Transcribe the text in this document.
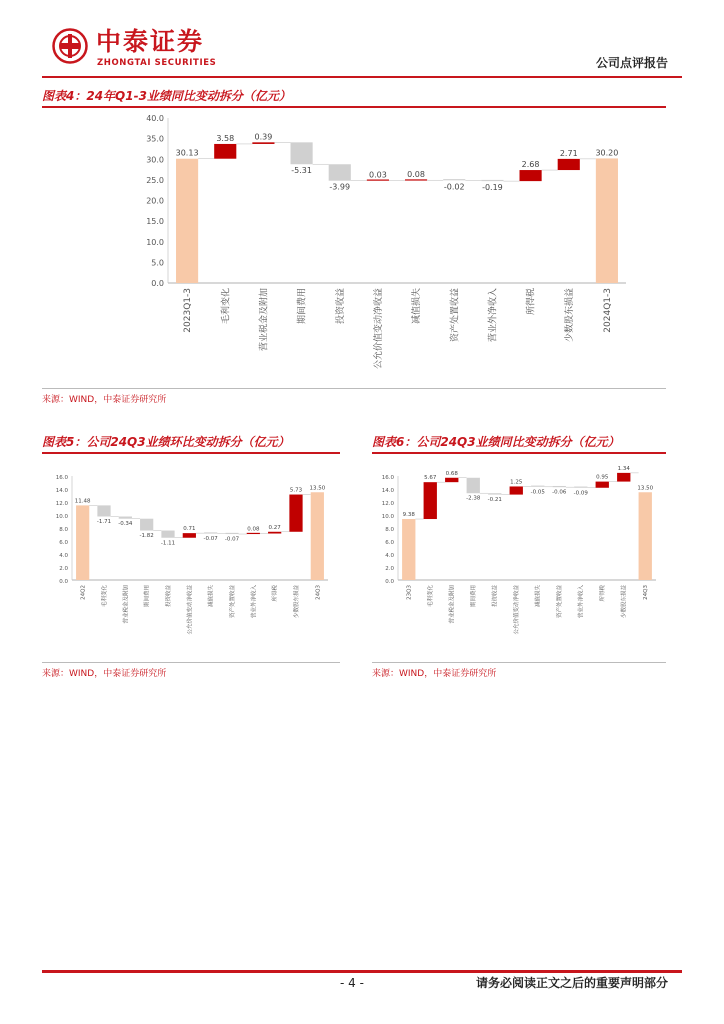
中泰证券
ZHONGTAI SECURITIES	公司点评报告
图表4：24年Q1-3业绩同比变动拆分（亿元）
0.0
5.0
10.0
15.0
20.0
25.0
30.0
35.0
40.0
30.13
2023Q1-3
3.58
毛利变化
0.39
营业税金及附加
-5.31
期间费用
-3.99
投资收益
0.03
公允价值变动净收益
0.08
减值损失
-0.02
资产处置收益
-0.19
营业外净收入
2.68
所得税
2.71
少数股东损益
30.20
2024Q1-3
来源：WIND，中泰证券研究所
图表5：公司24Q3业绩环比变动拆分（亿元）
0.0
2.0
4.0
6.0
8.0
10.0
12.0
14.0
16.0
11.48
24Q2
-1.71
毛利变化
-0.34
营业税金及附加
-1.82
期间费用
-1.11
投资收益
0.71
公允价值变动净收益
-0.07
减值损失
-0.07
资产处置收益
0.08
营业外净收入
0.27
所得税
5.73
少数股东损益
13.50
24Q3
来源：WIND，中泰证券研究所
图表6：公司24Q3业绩同比变动拆分（亿元）
0.0
2.0
4.0
6.0
8.0
10.0
12.0
14.0
16.0
9.38
23Q3
5.67
毛利变化
0.68
营业税金及附加
-2.38
期间费用
-0.21
投资收益
1.25
公允价值变动净收益
-0.05
减值损失
-0.06
资产处置收益
-0.09
营业外净收入
0.95
所得税
1.34
少数股东损益
13.50
24Q3
来源：WIND，中泰证券研究所
- 4 -	请务必阅读正文之后的重要声明部分
